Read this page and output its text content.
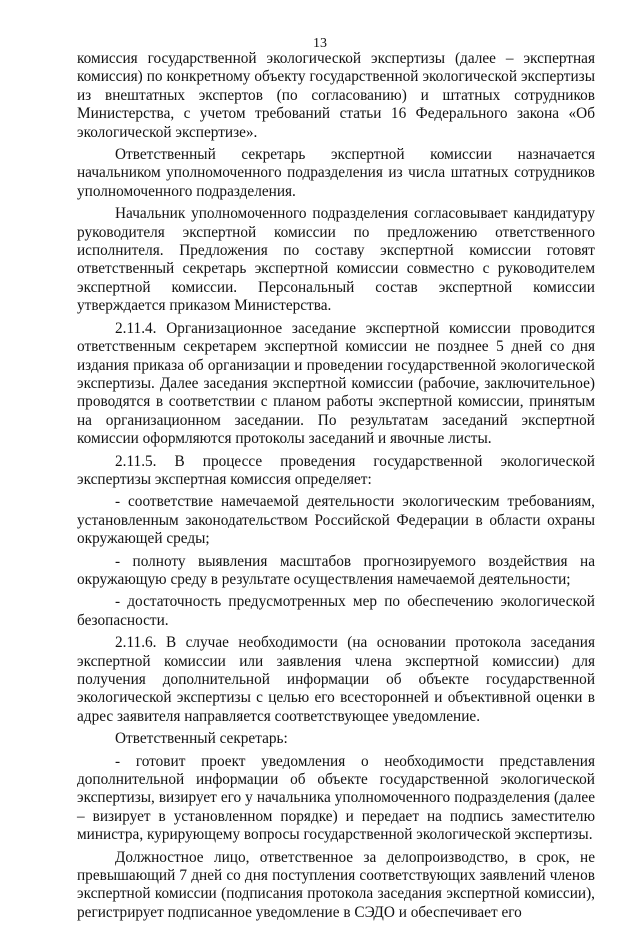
13

комиссия государственной экологической экспертизы (далее – экспертная комиссия) по конкретному объекту государственной экологической экспертизы из внештатных экспертов (по согласованию) и штатных сотрудников Министерства, с учетом требований статьи 16 Федерального закона «Об экологической экспертизе».

Ответственный секретарь экспертной комиссии назначается начальником уполномоченного подразделения из числа штатных сотрудников уполномоченного подразделения.

Начальник уполномоченного подразделения согласовывает кандидатуру руководителя экспертной комиссии по предложению ответственного исполнителя. Предложения по составу экспертной комиссии готовят ответственный секретарь экспертной комиссии совместно с руководителем экспертной комиссии. Персональный состав экспертной комиссии утверждается приказом Министерства.

2.11.4. Организационное заседание экспертной комиссии проводится ответственным секретарем экспертной комиссии не позднее 5 дней со дня издания приказа об организации и проведении государственной экологической экспертизы. Далее заседания экспертной комиссии (рабочие, заключительное) проводятся в соответствии с планом работы экспертной комиссии, принятым на организационном заседании. По результатам заседаний экспертной комиссии оформляются протоколы заседаний и явочные листы.

2.11.5. В процессе проведения государственной экологической экспертизы экспертная комиссия определяет:

- соответствие намечаемой деятельности экологическим требованиям, установленным законодательством Российской Федерации в области охраны окружающей среды;

- полноту выявления масштабов прогнозируемого воздействия на окружающую среду в результате осуществления намечаемой деятельности;

- достаточность предусмотренных мер по обеспечению экологической безопасности.

2.11.6. В случае необходимости (на основании протокола заседания экспертной комиссии или заявления члена экспертной комиссии) для получения дополнительной информации об объекте государственной экологической экспертизы с целью его всесторонней и объективной оценки в адрес заявителя направляется соответствующее уведомление.

Ответственный секретарь:

- готовит проект уведомления о необходимости представления дополнительной информации об объекте государственной экологической экспертизы, визирует его у начальника уполномоченного подразделения (далее – визирует в установленном порядке) и передает на подпись заместителю министра, курирующему вопросы государственной экологической экспертизы.

Должностное лицо, ответственное за делопроизводство, в срок, не превышающий 7 дней со дня поступления соответствующих заявлений членов экспертной комиссии (подписания протокола заседания экспертной комиссии), регистрирует подписанное уведомление в СЭДО и обеспечивает его
